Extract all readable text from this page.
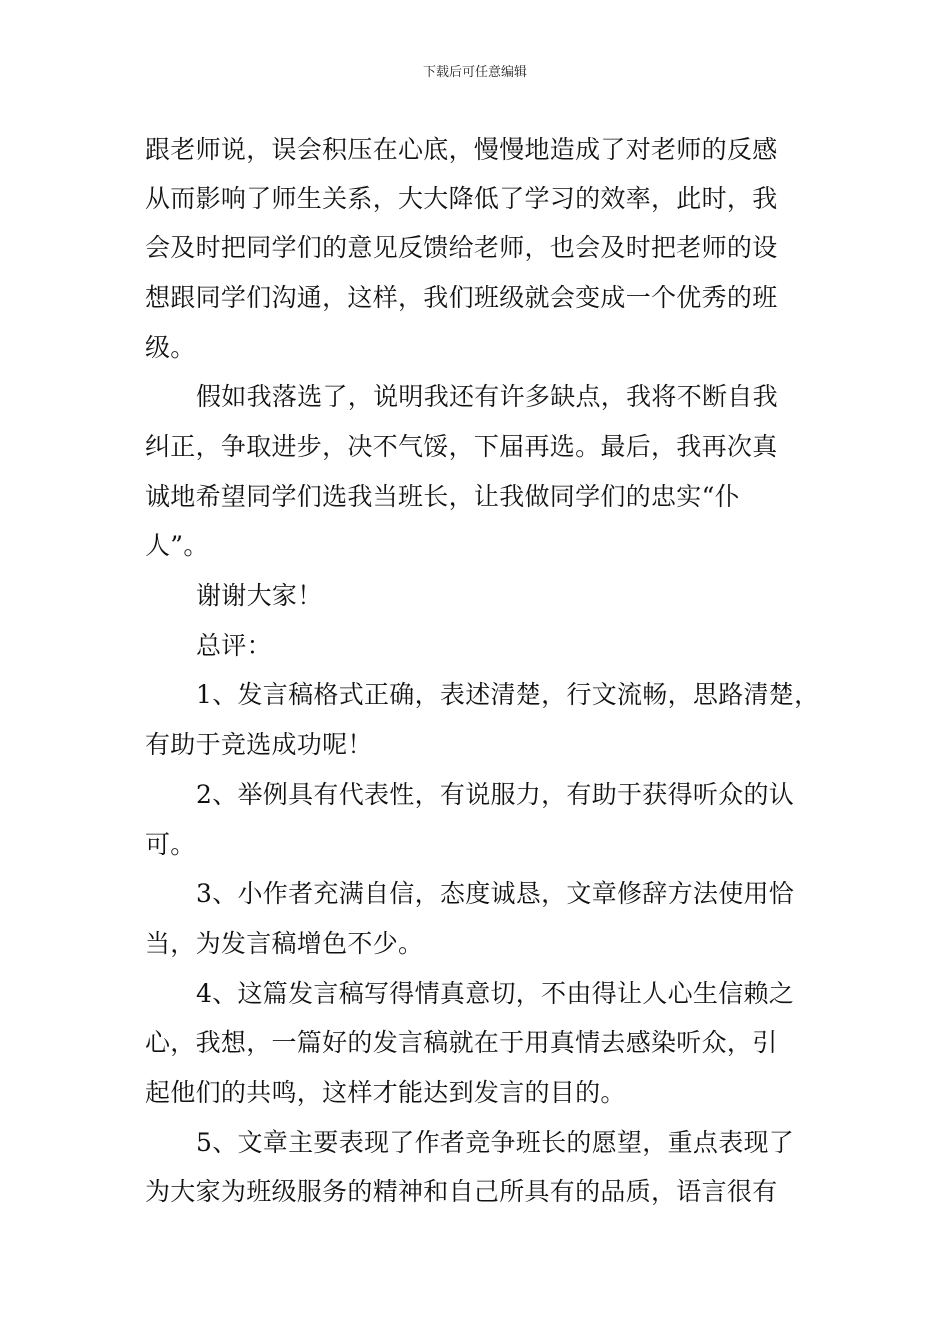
下载后可任意编辑
跟老师说，误会积压在心底，慢慢地造成了对老师的反感
从而影响了师生关系，大大降低了学习的效率，此时，我
会及时把同学们的意见反馈给老师，也会及时把老师的设
想跟同学们沟通，这样，我们班级就会变成一个优秀的班
级。
假如我落选了，说明我还有许多缺点，我将不断自我
纠正，争取进步，决不气馁，下届再选。最后，我再次真
诚地希望同学们选我当班长，让我做同学们的忠实“仆
人”。
谢谢大家！
总评：
1、发言稿格式正确，表述清楚，行文流畅，思路清楚，
有助于竞选成功呢！
2、举例具有代表性，有说服力，有助于获得听众的认
可。
3、小作者充满自信，态度诚恳，文章修辞方法使用恰
当，为发言稿增色不少。
4、这篇发言稿写得情真意切，不由得让人心生信赖之
心，我想，一篇好的发言稿就在于用真情去感染听众，引
起他们的共鸣，这样才能达到发言的目的。
5、文章主要表现了作者竞争班长的愿望，重点表现了
为大家为班级服务的精神和自己所具有的品质，语言很有
